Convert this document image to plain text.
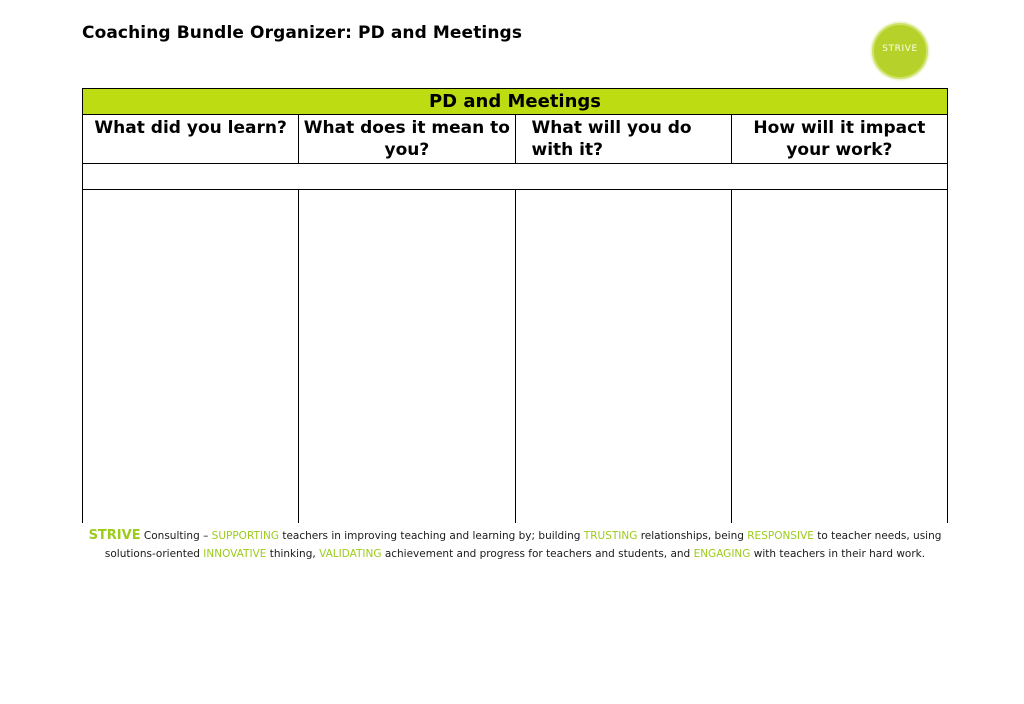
Coaching Bundle Organizer: PD and Meetings
STRIVE
PD and Meetings			
What did you learn?	What does it mean to you?	What will you do with it?	How will it impact your work?

STRIVE Consulting – SUPPORTING teachers in improving teaching and learning by; building TRUSTING relationships, being RESPONSIVE to teacher needs, using solutions-oriented INNOVATIVE thinking, VALIDATING achievement and progress for teachers and students, and ENGAGING with teachers in their hard work.
